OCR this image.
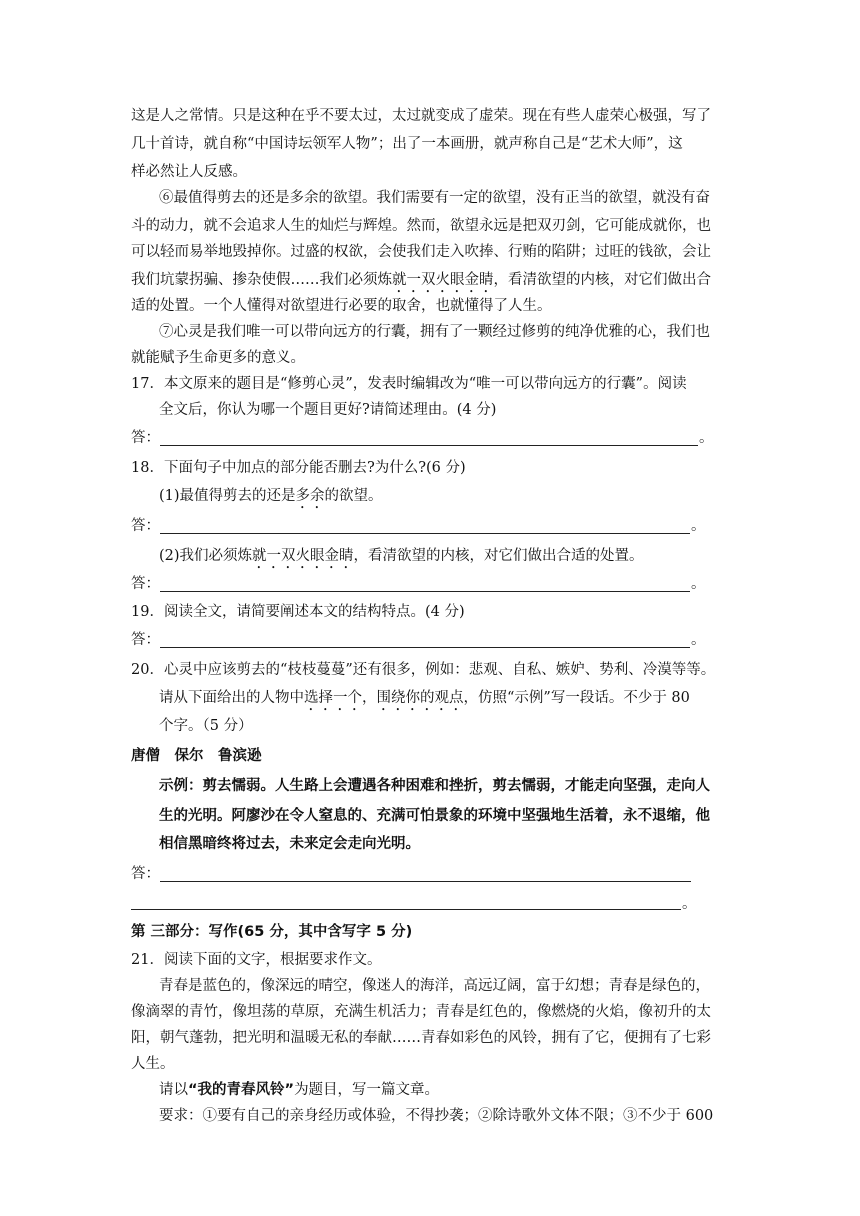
这是人之常情。只是这种在乎不要太过，太过就变成了虚荣。现在有些人虚荣心极强，写了
几十首诗，就自称“中国诗坛领军人物”；出了一本画册，就声称自己是“艺术大师”，这
样必然让人反感。
⑥最值得剪去的还是多余的欲望。我们需要有一定的欲望，没有正当的欲望，就没有奋
斗的动力，就不会追求人生的灿烂与辉煌。然而，欲望永远是把双刃剑，它可能成就你，也
可以轻而易举地毁掉你。过盛的权欲，会使我们走入吹捧、行贿的陷阱；过旺的钱欲，会让
我们坑蒙拐骗、掺杂使假……我们必须炼就一双火眼金睛，看清欲望的内核，对它们做出合
适的处置。一个人懂得对欲望进行必要的取舍，也就懂得了人生。
⑦心灵是我们唯一可以带向远方的行囊，拥有了一颗经过修剪的纯净优雅的心，我们也
就能赋予生命更多的意义。
17．本文原来的题目是“修剪心灵”，发表时编辑改为“唯一可以带向远方的行囊”。阅读
全文后，你认为哪一个题目更好?请简述理由。(4 分)
答：	。
18．下面句子中加点的部分能否删去?为什么?(6 分)
(1)最值得剪去的还是多余的欲望。
答：	。
(2)我们必须炼就一双火眼金睛，看清欲望的内核，对它们做出合适的处置。
答：	。
19．阅读全文，请简要阐述本文的结构特点。(4 分)
答：	。
20．心灵中应该剪去的“枝枝蔓蔓”还有很多，例如：悲观、自私、嫉妒、势利、冷漠等等。
请从下面给出的人物中选择一个，围绕你的观点，仿照“示例”写一段话。不少于 80
个字。（5 分）
唐僧　保尔　鲁滨逊
示例：剪去懦弱。人生路上会遭遇各种困难和挫折，剪去懦弱，才能走向坚强，走向人
生的光明。阿廖沙在令人窒息的、充满可怕景象的环境中坚强地生活着，永不退缩，他
相信黑暗终将过去，未来定会走向光明。
答：
。
第 三部分：写作(65 分，其中含写字 5 分)
21．阅读下面的文字，根据要求作文。
青春是蓝色的，像深远的晴空，像迷人的海洋，高远辽阔，富于幻想；青春是绿色的，
像滴翠的青竹，像坦荡的草原，充满生机活力；青春是红色的，像燃烧的火焰，像初升的太
阳，朝气蓬勃，把光明和温暖无私的奉献……青春如彩色的风铃，拥有了它，便拥有了七彩
人生。
请以“我的青春风铃”为题目，写一篇文章。
要求：①要有自己的亲身经历或体验，不得抄袭；②除诗歌外文体不限；③不少于 600
